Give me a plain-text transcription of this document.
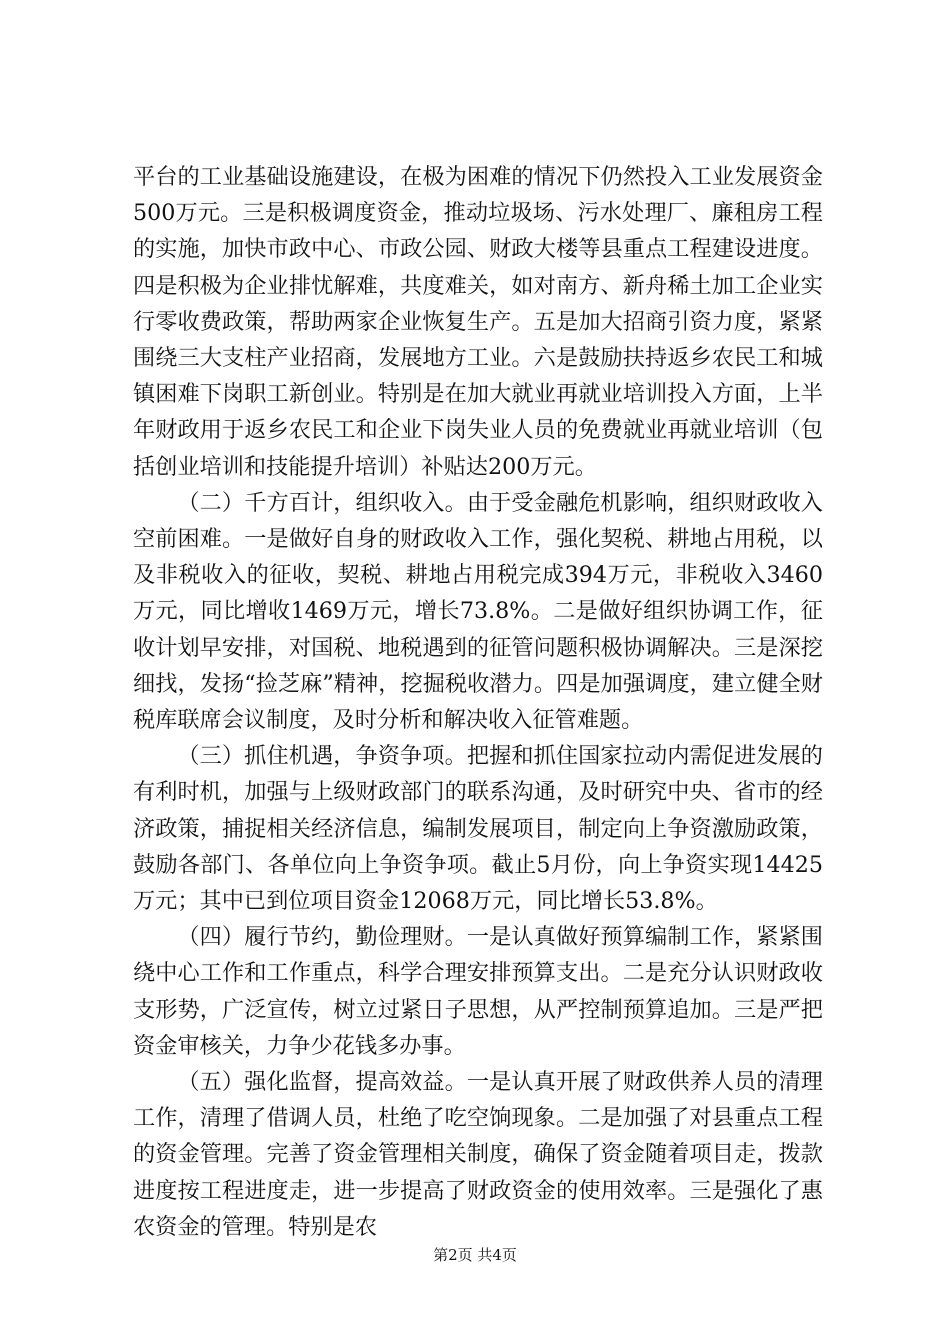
平台的工业基础设施建设，在极为困难的情况下仍然投入工业发展资金500万元。三是积极调度资金，推动垃圾场、污水处理厂、廉租房工程的实施，加快市政中心、市政公园、财政大楼等县重点工程建设进度。四是积极为企业排忧解难，共度难关，如对南方、新舟稀土加工企业实行零收费政策，帮助两家企业恢复生产。五是加大招商引资力度，紧紧围绕三大支柱产业招商，发展地方工业。六是鼓励扶持返乡农民工和城镇困难下岗职工新创业。特别是在加大就业再就业培训投入方面，上半年财政用于返乡农民工和企业下岗失业人员的免费就业再就业培训（包括创业培训和技能提升培训）补贴达200万元。

（二）千方百计，组织收入。由于受金融危机影响，组织财政收入空前困难。一是做好自身的财政收入工作，强化契税、耕地占用税，以及非税收入的征收，契税、耕地占用税完成394万元，非税收入3460万元，同比增收1469万元，增长73.8%。二是做好组织协调工作，征收计划早安排，对国税、地税遇到的征管问题积极协调解决。三是深挖细找，发扬“捡芝麻”精神，挖掘税收潜力。四是加强调度，建立健全财税库联席会议制度，及时分析和解决收入征管难题。

（三）抓住机遇，争资争项。把握和抓住国家拉动内需促进发展的有利时机，加强与上级财政部门的联系沟通，及时研究中央、省市的经济政策，捕捉相关经济信息，编制发展项目，制定向上争资激励政策，鼓励各部门、各单位向上争资争项。截止5月份，向上争资实现14425万元；其中已到位项目资金12068万元，同比增长53.8%。

（四）履行节约，勤俭理财。一是认真做好预算编制工作，紧紧围绕中心工作和工作重点，科学合理安排预算支出。二是充分认识财政收支形势，广泛宣传，树立过紧日子思想，从严控制预算追加。三是严把资金审核关，力争少花钱多办事。

（五）强化监督，提高效益。一是认真开展了财政供养人员的清理工作，清理了借调人员，杜绝了吃空饷现象。二是加强了对县重点工程的资金管理。完善了资金管理相关制度，确保了资金随着项目走，拨款进度按工程进度走，进一步提高了财政资金的使用效率。三是强化了惠农资金的管理。特别是农

第2页 共4页
